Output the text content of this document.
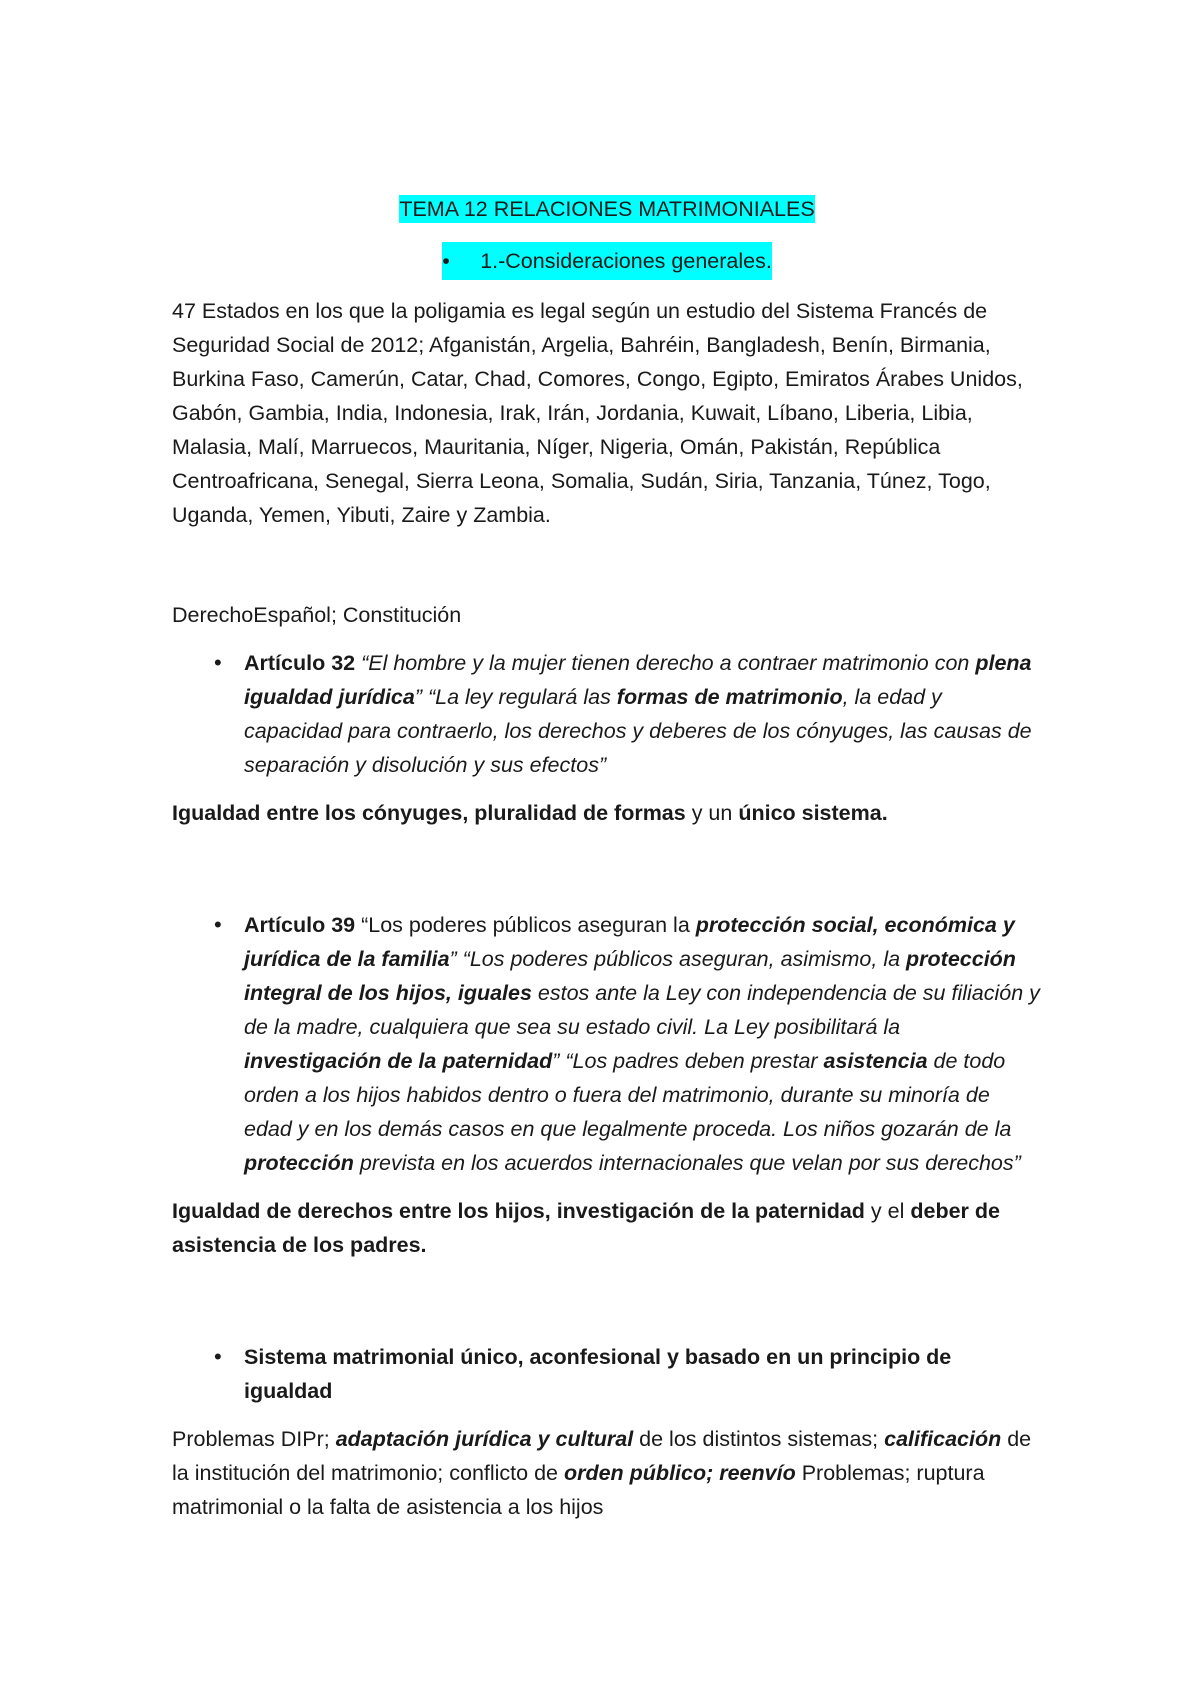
TEMA 12 RELACIONES MATRIMONIALES

• 1.-Consideraciones generales.

47 Estados en los que la poligamia es legal según un estudio del Sistema Francés de Seguridad Social de 2012; Afganistán, Argelia, Bahréin, Bangladesh, Benín, Birmania, Burkina Faso, Camerún, Catar, Chad, Comores, Congo, Egipto, Emiratos Árabes Unidos, Gabón, Gambia, India, Indonesia, Irak, Irán, Jordania, Kuwait, Líbano, Liberia, Libia, Malasia, Malí, Marruecos, Mauritania, Níger, Nigeria, Omán, Pakistán, República Centroafricana, Senegal, Sierra Leona, Somalia, Sudán, Siria, Tanzania, Túnez, Togo, Uganda, Yemen, Yibuti, Zaire y Zambia.

DerechoEspañol; Constitución

• Artículo 32 “El hombre y la mujer tienen derecho a contraer matrimonio con plena igualdad jurídica” “La ley regulará las formas de matrimonio, la edad y capacidad para contraerlo, los derechos y deberes de los cónyuges, las causas de separación y disolución y sus efectos”

Igualdad entre los cónyuges, pluralidad de formas y un único sistema.

• Artículo 39 “Los poderes públicos aseguran la protección social, económica y jurídica de la familia” “Los poderes públicos aseguran, asimismo, la protección integral de los hijos, iguales estos ante la Ley con independencia de su filiación y de la madre, cualquiera que sea su estado civil. La Ley posibilitará la investigación de la paternidad” “Los padres deben prestar asistencia de todo orden a los hijos habidos dentro o fuera del matrimonio, durante su minoría de edad y en los demás casos en que legalmente proceda. Los niños gozarán de la protección prevista en los acuerdos internacionales que velan por sus derechos”

Igualdad de derechos entre los hijos, investigación de la paternidad y el deber de asistencia de los padres.

• Sistema matrimonial único, aconfesional y basado en un principio de igualdad

Problemas DIPr; adaptación jurídica y cultural de los distintos sistemas; calificación de la institución del matrimonio; conflicto de orden público; reenvío Problemas; ruptura matrimonial o la falta de asistencia a los hijos
